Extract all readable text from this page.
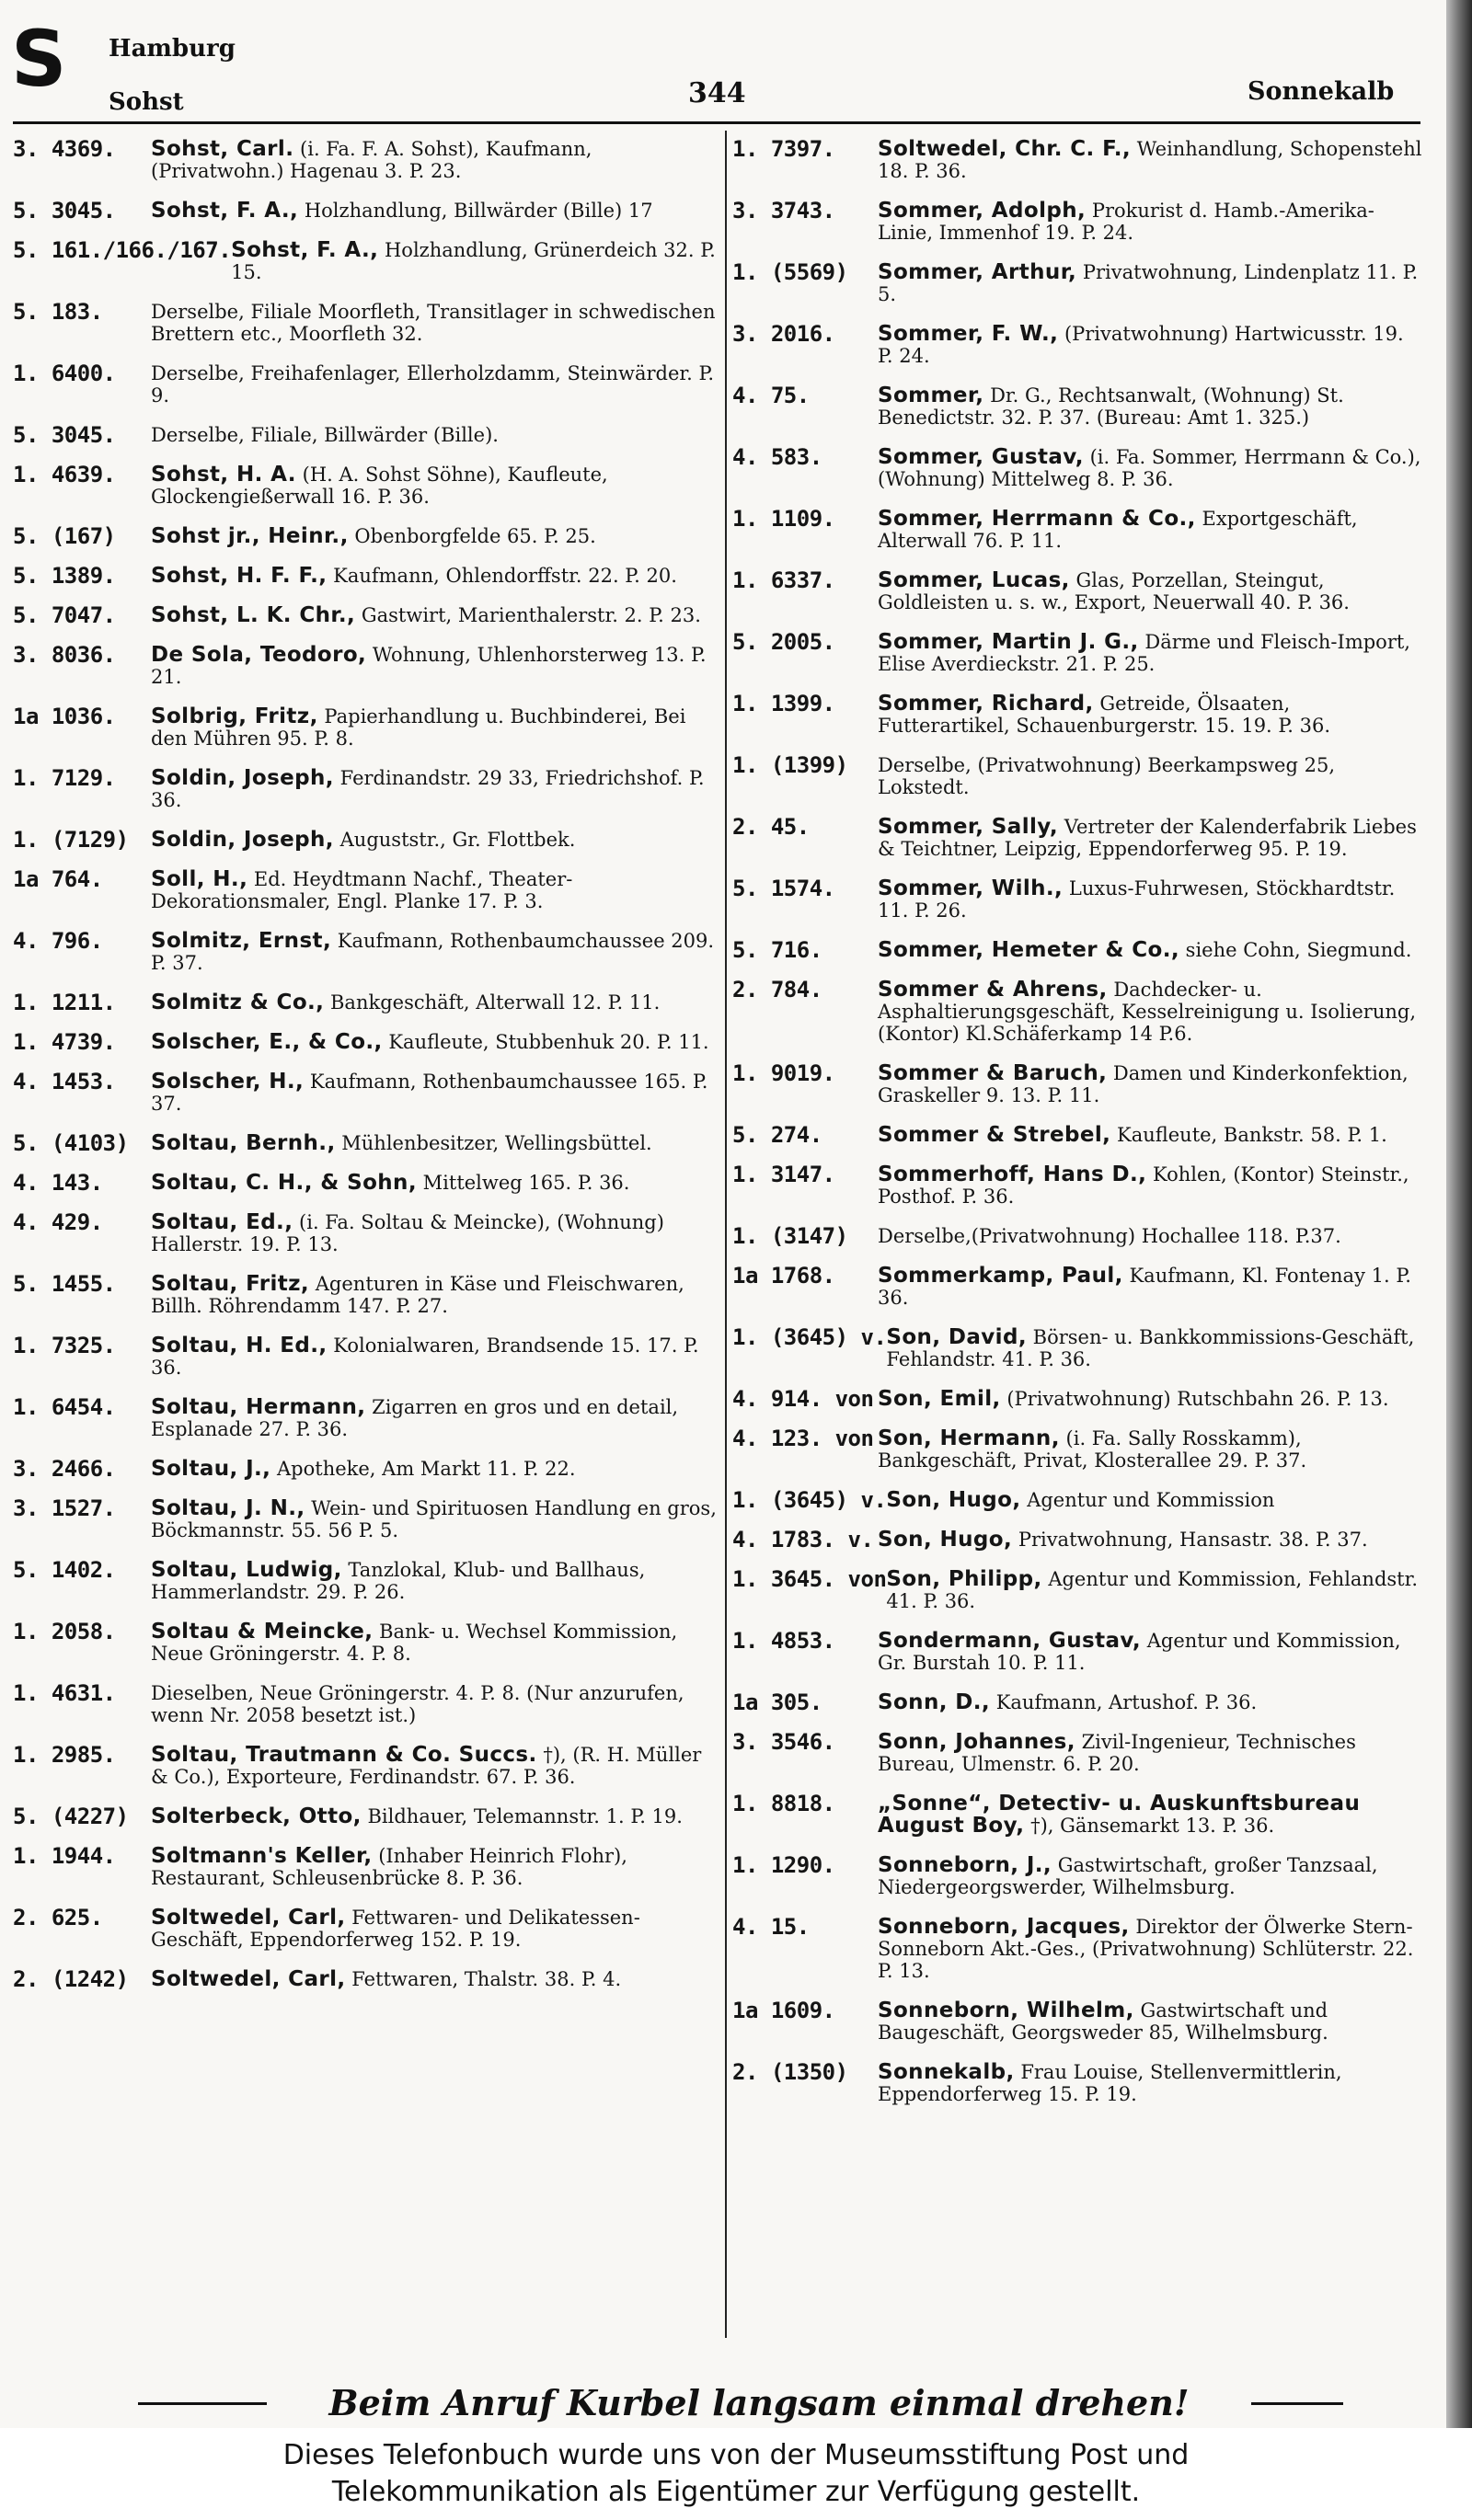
S Hamburg
Sohst	344	Sonnekalb
3. 4369.	Sohst, Carl. (i. Fa. F. A. Sohst), Kaufmann, (Privatwohn.) Hagenau 3. P. 23.
5. 3045.	Sohst, F. A., Holzhandlung, Billwärder (Bille) 17
5. 161./166./167. Sohst, F. A., Holzhandlung, Grünerdeich 32. P. 15.
5. 183.	Derselbe, Filiale Moorfleth, Transitlager in schwedischen Brettern etc., Moorfleth 32.
1. 6400.	Derselbe, Freihafenlager, Ellerholzdamm, Steinwärder. P. 9.
5. 3045.	Derselbe, Filiale, Billwärder (Bille).
1. 4639.	Sohst, H. A. (H. A. Sohst Söhne), Kaufleute, Glockengießerwall 16. P. 36.
5. (167)	Sohst jr., Heinr., Obenborgfelde 65. P. 25.
5. 1389.	Sohst, H. F. F., Kaufmann, Ohlendorffstr. 22. P. 20.
5. 7047.	Sohst, L. K. Chr., Gastwirt, Marienthalerstr. 2. P. 23.
3. 8036.	De Sola, Teodoro, Wohnung, Uhlenhorsterweg 13. P. 21.
1a 1036.	Solbrig, Fritz, Papierhandlung u. Buchbinderei, Bei den Mühren 95. P. 8.
1. 7129.	Soldin, Joseph, Ferdinandstr. 29 33, Friedrichshof. P. 36.
1. (7129)	Soldin, Joseph, Auguststr., Gr. Flottbek.
1a 764.	Soll, H., Ed. Heydtmann Nachf., Theater-Dekorationsmaler, Engl. Planke 17. P. 3.
4. 796.	Solmitz, Ernst, Kaufmann, Rothenbaumchaussee 209. P. 37.
1. 1211.	Solmitz & Co., Bankgeschäft, Alterwall 12. P. 11.
1. 4739.	Solscher, E., & Co., Kaufleute, Stubbenhuk 20. P. 11.
4. 1453.	Solscher, H., Kaufmann, Rothenbaumchaussee 165. P. 37.
5. (4103)	Soltau, Bernh., Mühlenbesitzer, Wellingsbüttel.
4. 143.	Soltau, C. H., & Sohn, Mittelweg 165. P. 36.
4. 429.	Soltau, Ed., (i. Fa. Soltau & Meincke), (Wohnung) Hallerstr. 19. P. 13.
5. 1455.	Soltau, Fritz, Agenturen in Käse und Fleischwaren, Billh. Röhrendamm 147. P. 27.
1. 7325.	Soltau, H. Ed., Kolonialwaren, Brandsende 15. 17. P. 36.
1. 6454.	Soltau, Hermann, Zigarren en gros und en detail, Esplanade 27. P. 36.
3. 2466.	Soltau, J., Apotheke, Am Markt 11. P. 22.
3. 1527.	Soltau, J. N., Wein- und Spirituosen Handlung en gros, Böckmannstr. 55. 56 P. 5.
5. 1402.	Soltau, Ludwig, Tanzlokal, Klub- und Ballhaus, Hammerlandstr. 29. P. 26.
1. 2058.	Soltau & Meincke, Bank- u. Wechsel Kommission, Neue Gröningerstr. 4. P. 8.
1. 4631.	Dieselben, Neue Gröningerstr. 4. P. 8. (Nur anzurufen, wenn Nr. 2058 besetzt ist.)
1. 2985.	Soltau, Trautmann & Co. Succs. †), (R. H. Müller & Co.), Exporteure, Ferdinandstr. 67. P. 36.
5. (4227)	Solterbeck, Otto, Bildhauer, Telemannstr. 1. P. 19.
1. 1944.	Soltmann's Keller, (Inhaber Heinrich Flohr), Restaurant, Schleusenbrücke 8. P. 36.
2. 625.	Soltwedel, Carl, Fettwaren- und Delikatessen-Geschäft, Eppendorferweg 152. P. 19.
2. (1242)	Soltwedel, Carl, Fettwaren, Thalstr. 38. P. 4.
1. 7397.	Soltwedel, Chr. C. F., Weinhandlung, Schopenstehl 18. P. 36.
3. 3743.	Sommer, Adolph, Prokurist d. Hamb.-Amerika-Linie, Immenhof 19. P. 24.
1. (5569)	Sommer, Arthur, Privatwohnung, Lindenplatz 11. P. 5.
3. 2016.	Sommer, F. W., (Privatwohnung) Hartwicusstr. 19. P. 24.
4. 75.	Sommer, Dr. G., Rechtsanwalt, (Wohnung) St. Benedictstr. 32. P. 37. (Bureau: Amt 1. 325.)
4. 583.	Sommer, Gustav, (i. Fa. Sommer, Herrmann & Co.), (Wohnung) Mittelweg 8. P. 36.
1. 1109.	Sommer, Herrmann & Co., Exportgeschäft, Alterwall 76. P. 11.
1. 6337.	Sommer, Lucas, Glas, Porzellan, Steingut, Goldleisten u. s. w., Export, Neuerwall 40. P. 36.
5. 2005.	Sommer, Martin J. G., Därme und Fleisch-Import, Elise Averdieckstr. 21. P. 25.
1. 1399.	Sommer, Richard, Getreide, Ölsaaten, Futterartikel, Schauenburgerstr. 15. 19. P. 36.
1. (1399)	Derselbe, (Privatwohnung) Beerkampsweg 25, Lokstedt.
2. 45.	Sommer, Sally, Vertreter der Kalenderfabrik Liebes & Teichtner, Leipzig, Eppendorferweg 95. P. 19.
5. 1574.	Sommer, Wilh., Luxus-Fuhrwesen, Stöckhardtstr. 11. P. 26.
5. 716.	Sommer, Hemeter & Co., siehe Cohn, Siegmund.
2. 784.	Sommer & Ahrens, Dachdecker- u. Asphaltierungsgeschäft, Kesselreinigung u. Isolierung,(Kontor) Kl.Schäferkamp 14 P.6.
1. 9019.	Sommer & Baruch, Damen und Kinderkonfektion, Graskeller 9. 13. P. 11.
5. 274.	Sommer & Strebel, Kaufleute, Bankstr. 58. P. 1.
1. 3147.	Sommerhoff, Hans D., Kohlen, (Kontor) Steinstr., Posthof. P. 36.
1. (3147)	Derselbe,(Privatwohnung) Hochallee 118. P.37.
1a 1768.	Sommerkamp, Paul, Kaufmann, Kl. Fontenay 1. P. 36.
1. (3645) v. Son, David, Börsen- u. Bankkommissions-Geschäft, Fehlandstr. 41. P. 36.
4. 914. von Son, Emil, (Privatwohnung) Rutschbahn 26. P. 13.
4. 123. von Son, Hermann, (i. Fa. Sally Rosskamm), Bankgeschäft, Privat, Klosterallee 29. P. 37.
1. (3645) v. Son, Hugo, Agentur und Kommission
4. 1783. v. Son, Hugo, Privatwohnung, Hansastr. 38. P. 37.
1. 3645. von Son, Philipp, Agentur und Kommission, Fehlandstr. 41. P. 36.
1. 4853.	Sondermann, Gustav, Agentur und Kommission, Gr. Burstah 10. P. 11.
1a 305.	Sonn, D., Kaufmann, Artushof. P. 36.
3. 3546.	Sonn, Johannes, Zivil-Ingenieur, Technisches Bureau, Ulmenstr. 6. P. 20.
1. 8818.	„Sonne“, Detectiv- u. Auskunftsbureau August Boy, †), Gänsemarkt 13. P. 36.
1. 1290.	Sonneborn, J., Gastwirtschaft, großer Tanzsaal, Niedergeorgswerder, Wilhelmsburg.
4. 15.	Sonneborn, Jacques, Direktor der Ölwerke Stern-Sonneborn Akt.-Ges., (Privatwohnung) Schlüterstr. 22. P. 13.
1a 1609.	Sonneborn, Wilhelm, Gastwirtschaft und Baugeschäft, Georgsweder 85, Wilhelmsburg.
2. (1350)	Sonnekalb, Frau Louise, Stellenvermittlerin, Eppendorferweg 15. P. 19.
Beim Anruf Kurbel langsam einmal drehen!
Dieses Telefonbuch wurde uns von der Museumsstiftung Post und
Telekommunikation als Eigentümer zur Verfügung gestellt.
